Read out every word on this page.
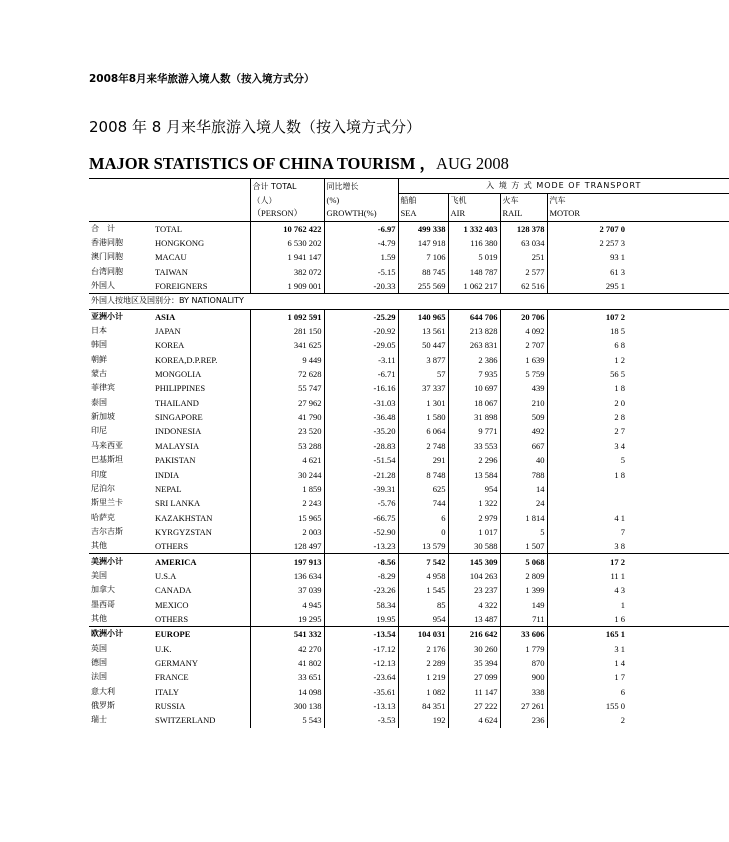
2008年8月来华旅游入境人数（按入境方式分）
2008 年 8 月来华旅游入境人数（按入境方式分）
MAJOR STATISTICS OF CHINA TOURISM ，AUG 2008
		合计 TOTAL	同比增长	入 境 方 式 MODE OF TRANSPORT				
		（人）	(%)	船舶	飞机	火车	汽车	
		（PERSON）	GROWTH(%)	SEA	AIR	RAIL	MOTOR	
合　计	TOTAL	10 762 422	-6.97	499 338	1 332 403	128 378	2 707 0	
香港同胞	HONGKONG	6 530 202	-4.79	147 918	116 380	63 034	2 257 3	
澳门同胞	MACAU	1 941 147	1.59	7 106	5 019	251	93 1	
台湾同胞	TAIWAN	382 072	-5.15	88 745	148 787	2 577	61 3	
外国人	FOREIGNERS	1 909 001	-20.33	255 569	1 062 217	62 516	295 1	
外国人按地区及国别分：BY NATIONALITY								
亚洲小计	ASIA	1 092 591	-25.29	140 965	644 706	20 706	107 2	
日本	JAPAN	281 150	-20.92	13 561	213 828	4 092	18 5	
韩国	KOREA	341 625	-29.05	50 447	263 831	2 707	6 8	
朝鲜	KOREA,D.P.REP.	9 449	-3.11	3 877	2 386	1 639	1 2	
蒙古	MONGOLIA	72 628	-6.71	57	7 935	5 759	56 5	
菲律宾	PHILIPPINES	55 747	-16.16	37 337	10 697	439	1 8	
泰国	THAILAND	27 962	-31.03	1 301	18 067	210	2 0	
新加坡	SINGAPORE	41 790	-36.48	1 580	31 898	509	2 8	
印尼	INDONESIA	23 520	-35.20	6 064	9 771	492	2 7	
马来西亚	MALAYSIA	53 288	-28.83	2 748	33 553	667	3 4	
巴基斯坦	PAKISTAN	4 621	-51.54	291	2 296	40	5	
印度	INDIA	30 244	-21.28	8 748	13 584	788	1 8	
尼泊尔	NEPAL	1 859	-39.31	625	954	14		
斯里兰卡	SRI LANKA	2 243	-5.76	744	1 322	24		
哈萨克	KAZAKHSTAN	15 965	-66.75	6	2 979	1 814	4 1	
吉尔吉斯	KYRGYZSTAN	2 003	-52.90	0	1 017	5	7	
其他	OTHERS	128 497	-13.23	13 579	30 588	1 507	3 8	
美洲小计	AMERICA	197 913	-8.56	7 542	145 309	5 068	17 2	
美国	U.S.A	136 634	-8.29	4 958	104 263	2 809	11 1	
加拿大	CANADA	37 039	-23.26	1 545	23 237	1 399	4 3	
墨西哥	MEXICO	4 945	58.34	85	4 322	149	1	
其他	OTHERS	19 295	19.95	954	13 487	711	1 6	
欧洲小计	EUROPE	541 332	-13.54	104 031	216 642	33 606	165 1	
英国	U.K.	42 270	-17.12	2 176	30 260	1 779	3 1	
德国	GERMANY	41 802	-12.13	2 289	35 394	870	1 4	
法国	FRANCE	33 651	-23.64	1 219	27 099	900	1 7	
意大利	ITALY	14 098	-35.61	1 082	11 147	338	6	
俄罗斯	RUSSIA	300 138	-13.13	84 351	27 222	27 261	155 0	
瑞士	SWITZERLAND	5 543	-3.53	192	4 624	236	2	
